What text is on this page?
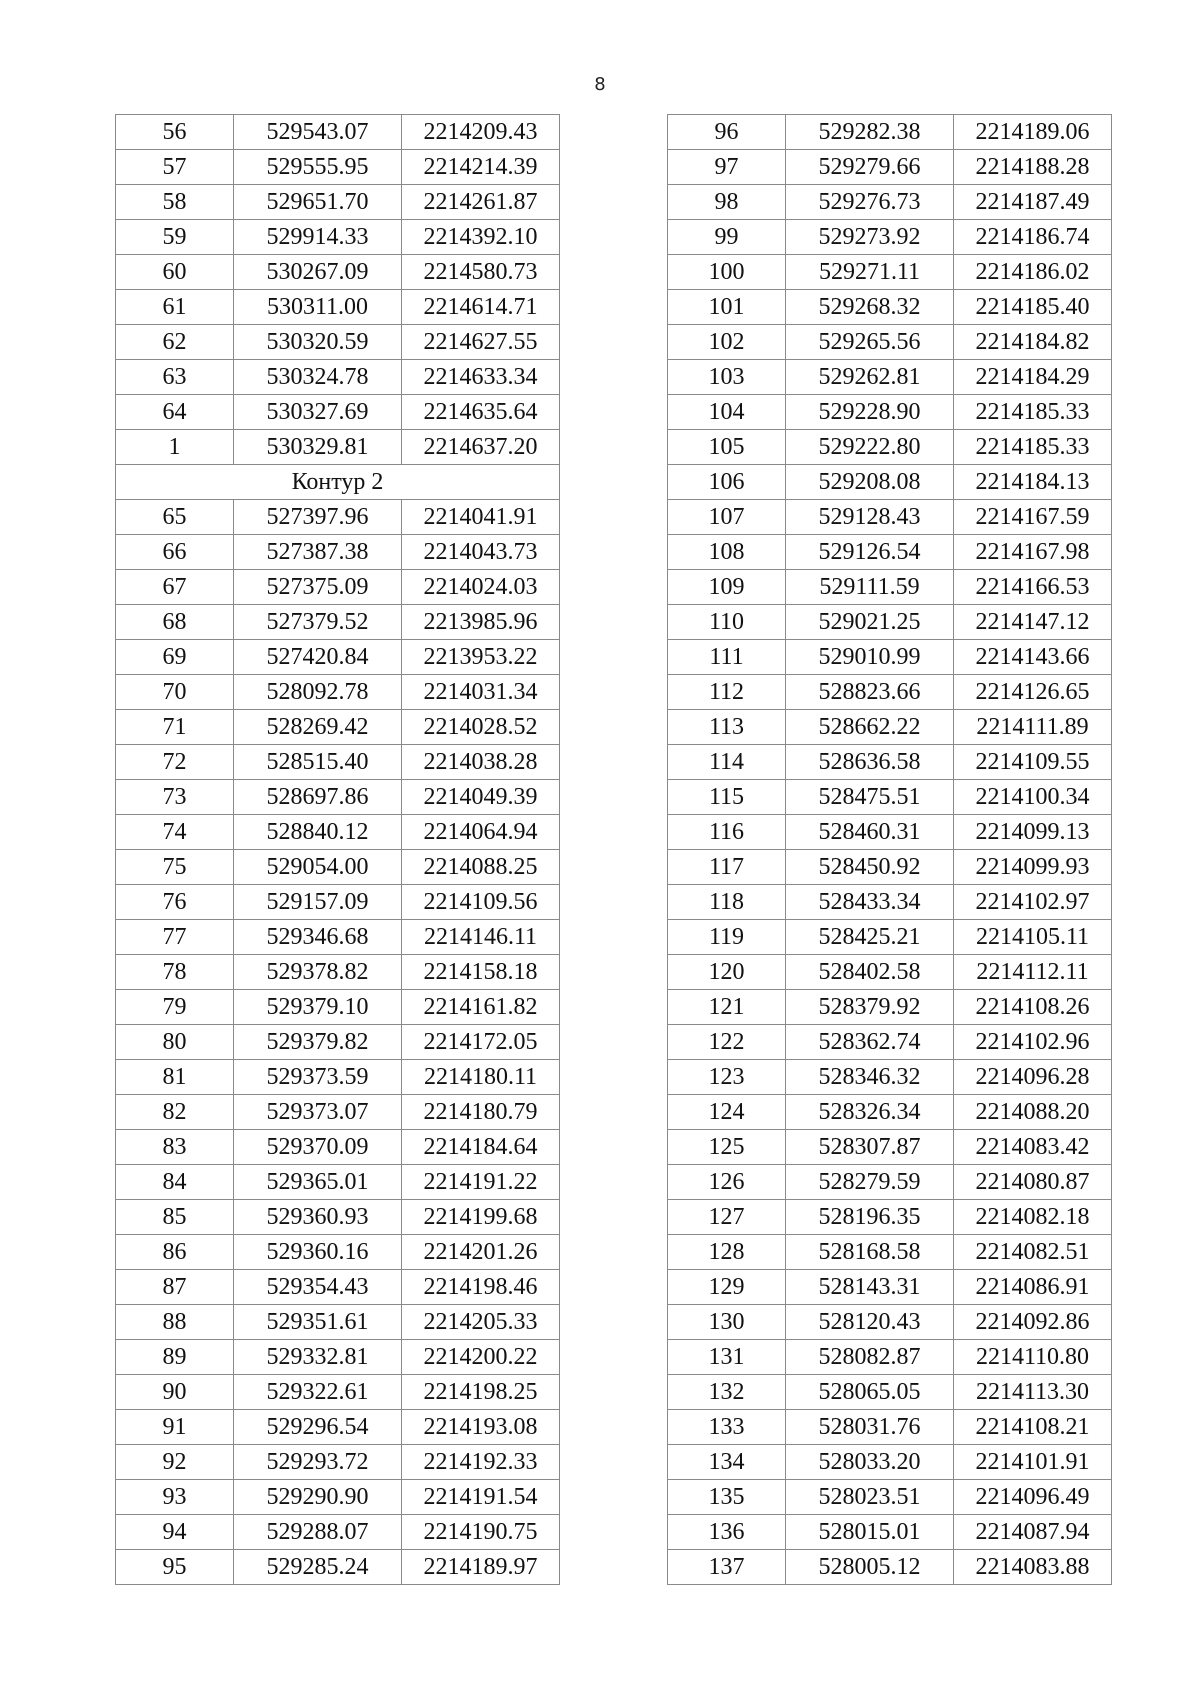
8
56	529543.07	2214209.43
57	529555.95	2214214.39
58	529651.70	2214261.87
59	529914.33	2214392.10
60	530267.09	2214580.73
61	530311.00	2214614.71
62	530320.59	2214627.55
63	530324.78	2214633.34
64	530327.69	2214635.64
1	530329.81	2214637.20
Контур 2		
65	527397.96	2214041.91
66	527387.38	2214043.73
67	527375.09	2214024.03
68	527379.52	2213985.96
69	527420.84	2213953.22
70	528092.78	2214031.34
71	528269.42	2214028.52
72	528515.40	2214038.28
73	528697.86	2214049.39
74	528840.12	2214064.94
75	529054.00	2214088.25
76	529157.09	2214109.56
77	529346.68	2214146.11
78	529378.82	2214158.18
79	529379.10	2214161.82
80	529379.82	2214172.05
81	529373.59	2214180.11
82	529373.07	2214180.79
83	529370.09	2214184.64
84	529365.01	2214191.22
85	529360.93	2214199.68
86	529360.16	2214201.26
87	529354.43	2214198.46
88	529351.61	2214205.33
89	529332.81	2214200.22
90	529322.61	2214198.25
91	529296.54	2214193.08
92	529293.72	2214192.33
93	529290.90	2214191.54
94	529288.07	2214190.75
95	529285.24	2214189.97
96	529282.38	2214189.06
97	529279.66	2214188.28
98	529276.73	2214187.49
99	529273.92	2214186.74
100	529271.11	2214186.02
101	529268.32	2214185.40
102	529265.56	2214184.82
103	529262.81	2214184.29
104	529228.90	2214185.33
105	529222.80	2214185.33
106	529208.08	2214184.13
107	529128.43	2214167.59
108	529126.54	2214167.98
109	529111.59	2214166.53
110	529021.25	2214147.12
111	529010.99	2214143.66
112	528823.66	2214126.65
113	528662.22	2214111.89
114	528636.58	2214109.55
115	528475.51	2214100.34
116	528460.31	2214099.13
117	528450.92	2214099.93
118	528433.34	2214102.97
119	528425.21	2214105.11
120	528402.58	2214112.11
121	528379.92	2214108.26
122	528362.74	2214102.96
123	528346.32	2214096.28
124	528326.34	2214088.20
125	528307.87	2214083.42
126	528279.59	2214080.87
127	528196.35	2214082.18
128	528168.58	2214082.51
129	528143.31	2214086.91
130	528120.43	2214092.86
131	528082.87	2214110.80
132	528065.05	2214113.30
133	528031.76	2214108.21
134	528033.20	2214101.91
135	528023.51	2214096.49
136	528015.01	2214087.94
137	528005.12	2214083.88
